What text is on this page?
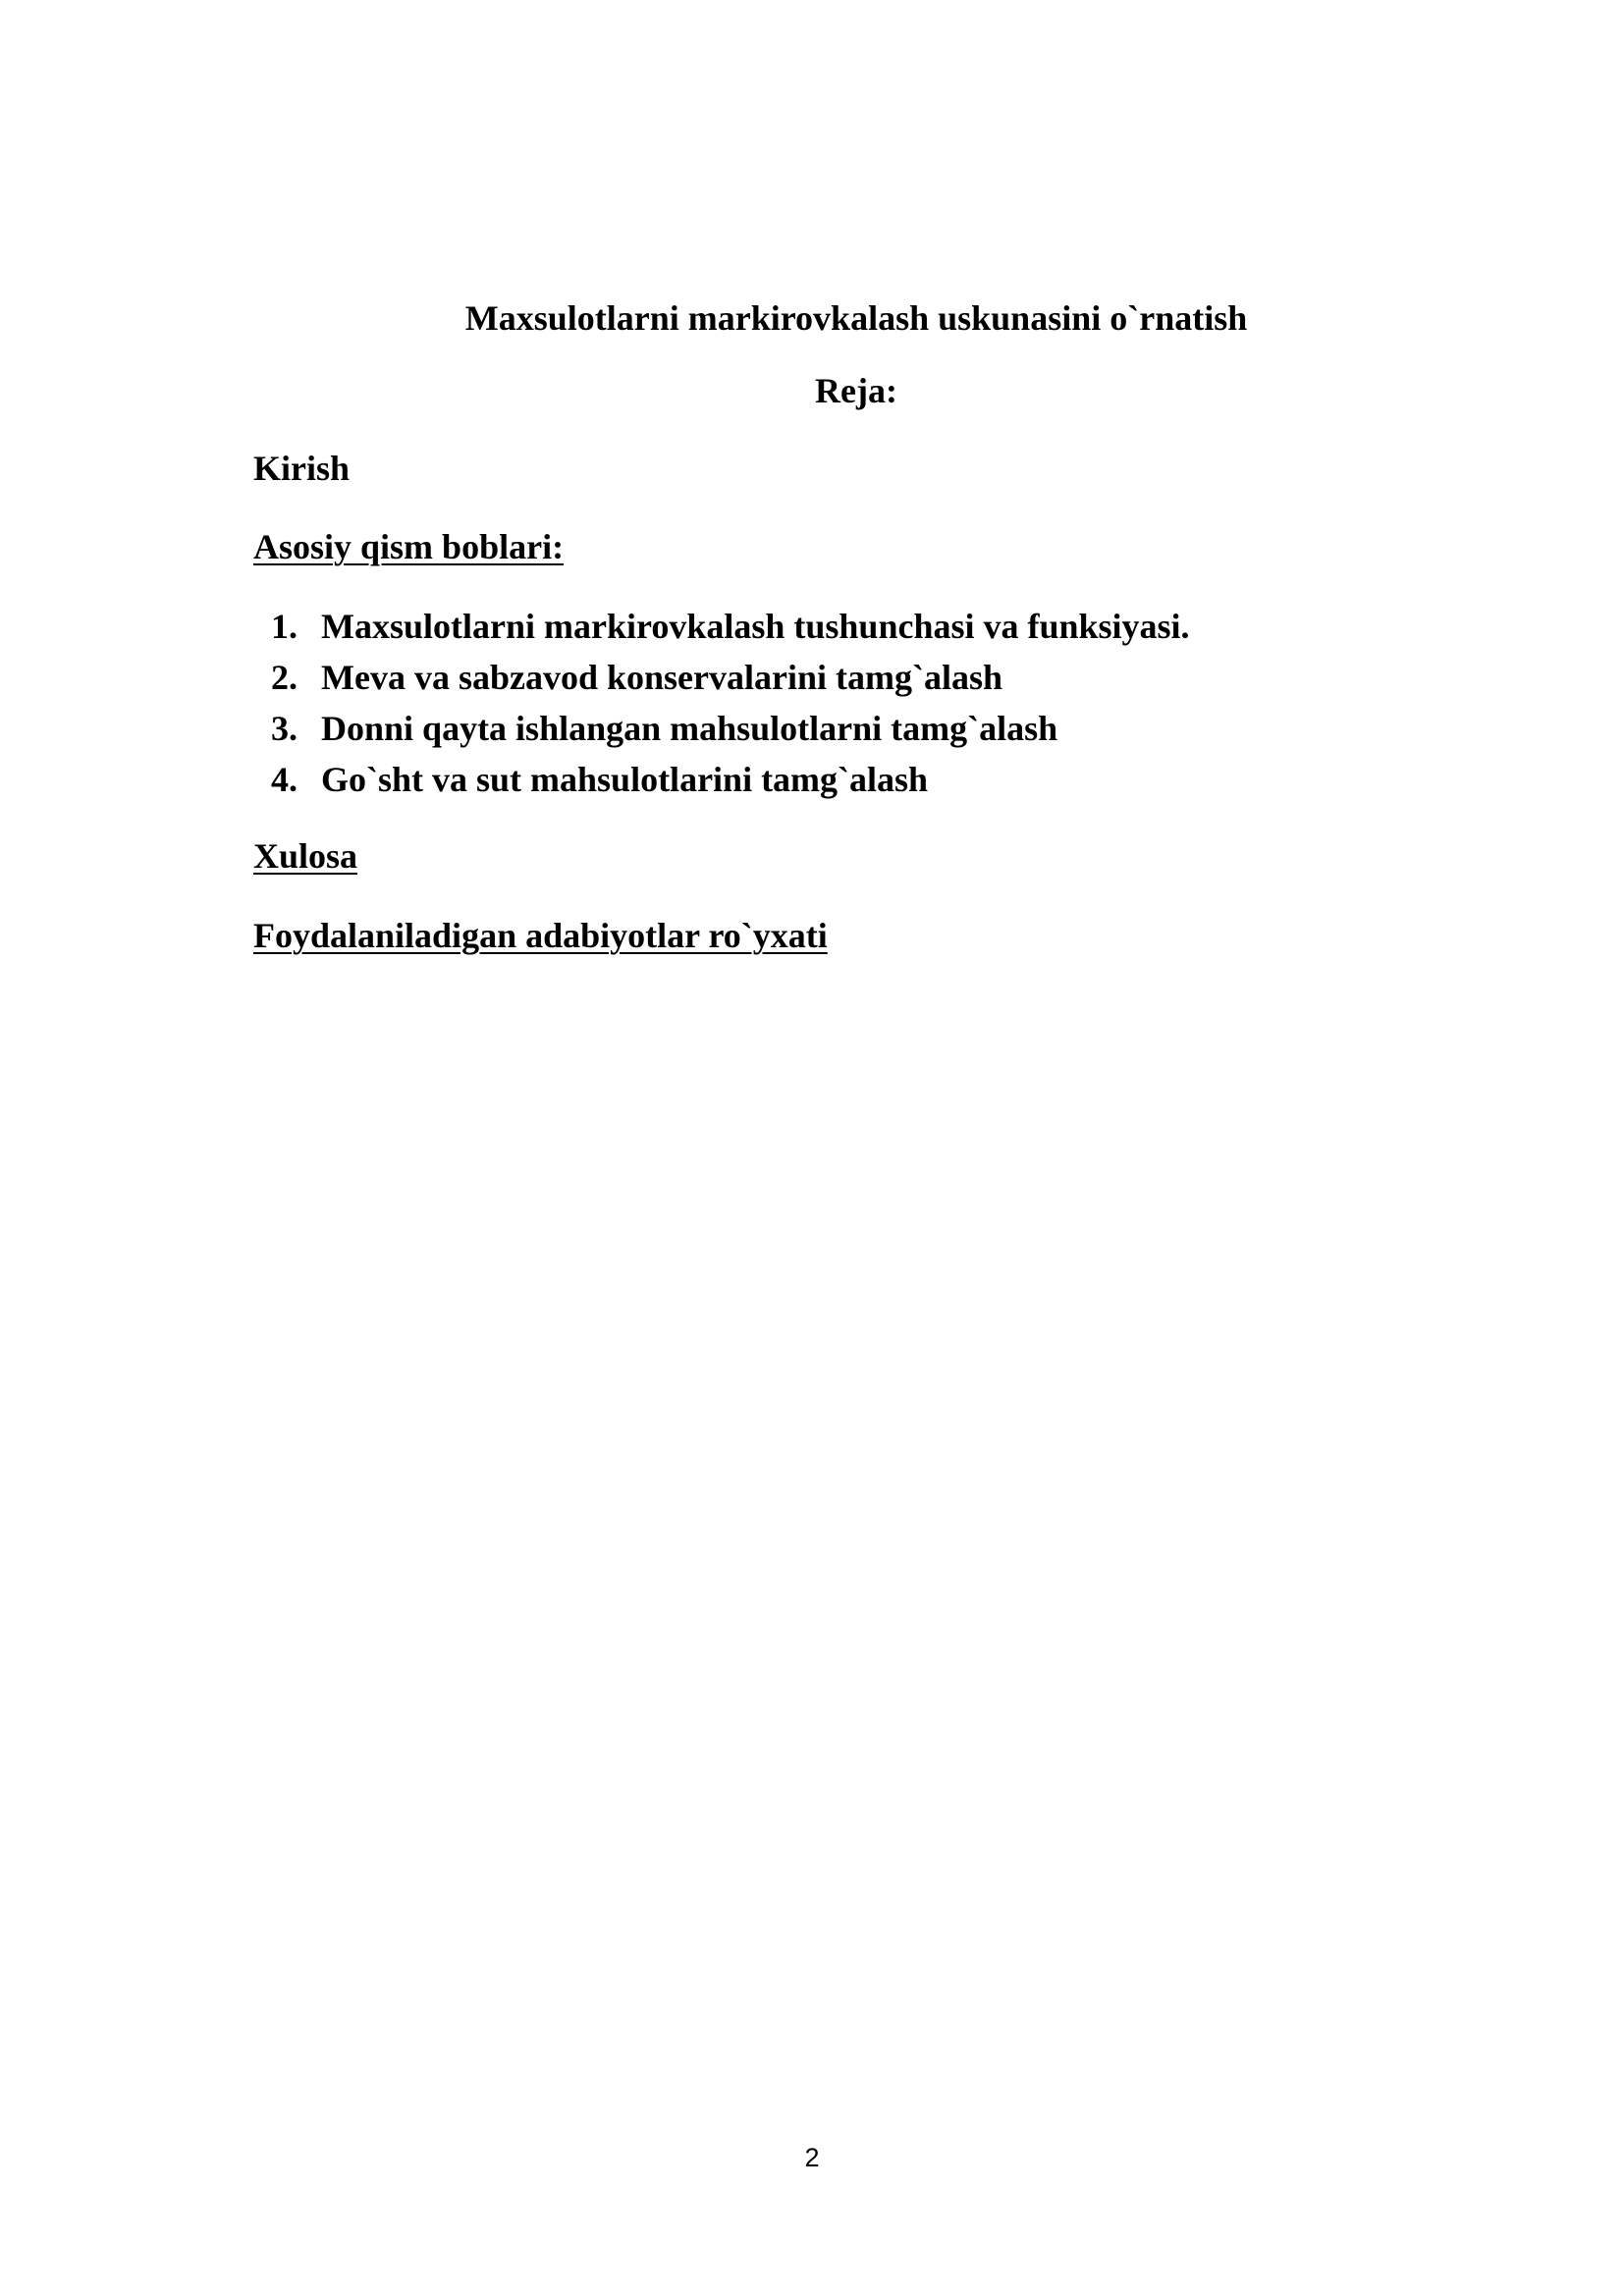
Maxsulotlarni markirovkalash uskunasini o`rnatish
Reja:
Kirish
Asosiy qism boblari:
1. Maxsulotlarni markirovkalash tushunchasi va funksiyasi.
2. Meva va sabzavod konservalarini tamg`alash
3. Donni qayta ishlangan mahsulotlarni tamg`alash
4. Go`sht va sut mahsulotlarini tamg`alash
Xulosa
Foydalaniladigan adabiyotlar ro`yxati
2
